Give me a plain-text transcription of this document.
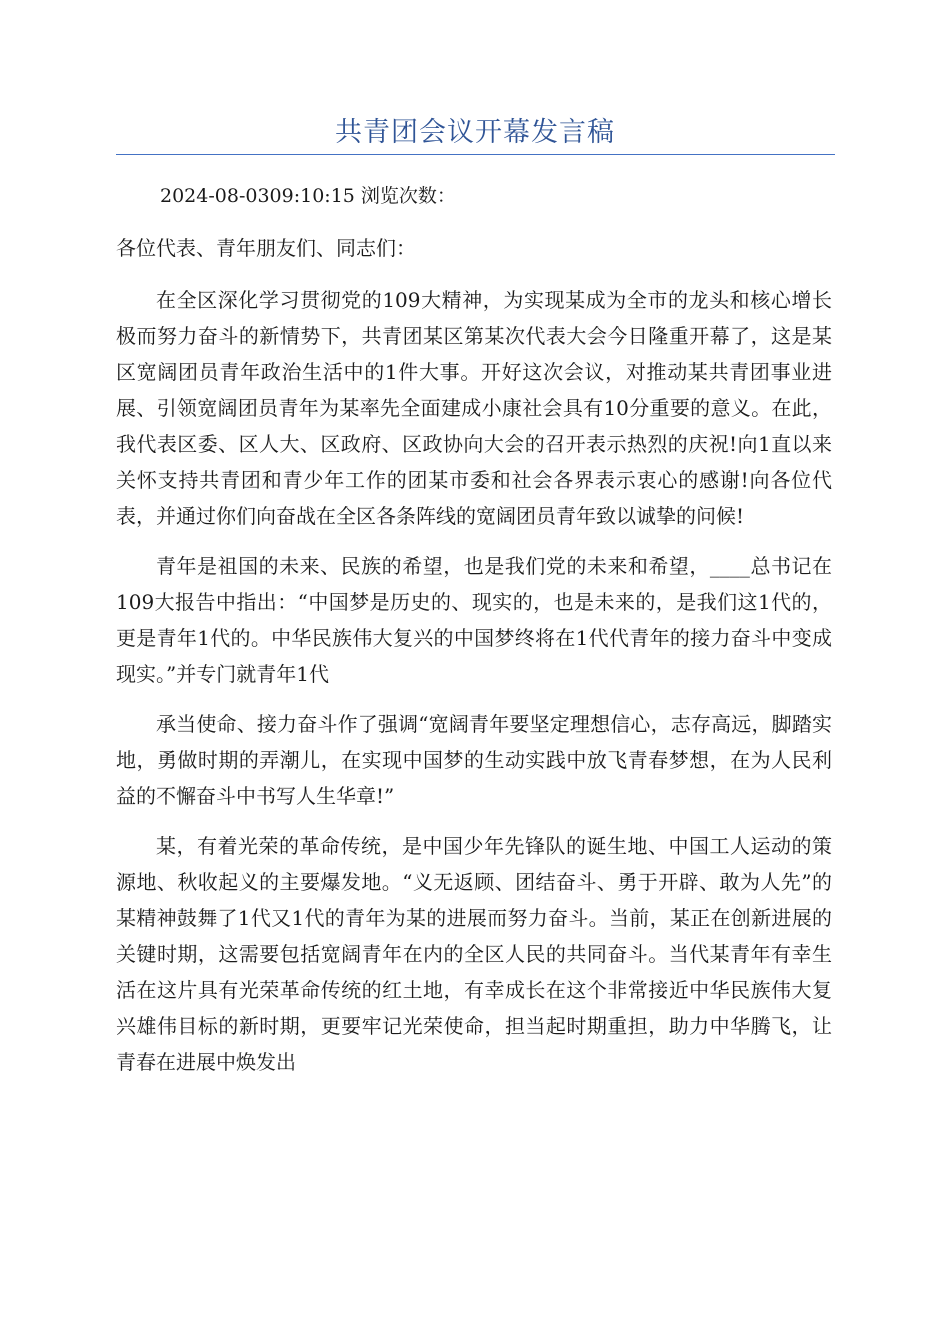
共青团会议开幕发言稿
2024-08-0309:10:15 浏览次数：

各位代表、青年朋友们、同志们：

在全区深化学习贯彻党的109大精神，为实现某成为全市的龙头和核心增长极而努力奋斗的新情势下，共青团某区第某次代表大会今日隆重开幕了，这是某区宽阔团员青年政治生活中的1件大事。开好这次会议，对推动某共青团事业进展、引领宽阔团员青年为某率先全面建成小康社会具有10分重要的意义。在此，我代表区委、区人大、区政府、区政协向大会的召开表示热烈的庆祝!向1直以来关怀支持共青团和青少年工作的团某市委和社会各界表示衷心的感谢!向各位代表，并通过你们向奋战在全区各条阵线的宽阔团员青年致以诚挚的问候!

青年是祖国的未来、民族的希望，也是我们党的未来和希望，____总书记在109大报告中指出：“中国梦是历史的、现实的，也是未来的，是我们这1代的，更是青年1代的。中华民族伟大复兴的中国梦终将在1代代青年的接力奋斗中变成现实。”并专门就青年1代

承当使命、接力奋斗作了强调“宽阔青年要坚定理想信心，志存高远，脚踏实地，勇做时期的弄潮儿，在实现中国梦的生动实践中放飞青春梦想，在为人民利益的不懈奋斗中书写人生华章!”

某，有着光荣的革命传统，是中国少年先锋队的诞生地、中国工人运动的策源地、秋收起义的主要爆发地。“义无返顾、团结奋斗、勇于开辟、敢为人先”的某精神鼓舞了1代又1代的青年为某的进展而努力奋斗。当前，某正在创新进展的关键时期，这需要包括宽阔青年在内的全区人民的共同奋斗。当代某青年有幸生活在这片具有光荣革命传统的红土地，有幸成长在这个非常接近中华民族伟大复兴雄伟目标的新时期，更要牢记光荣使命，担当起时期重担，助力中华腾飞，让青春在进展中焕发出
